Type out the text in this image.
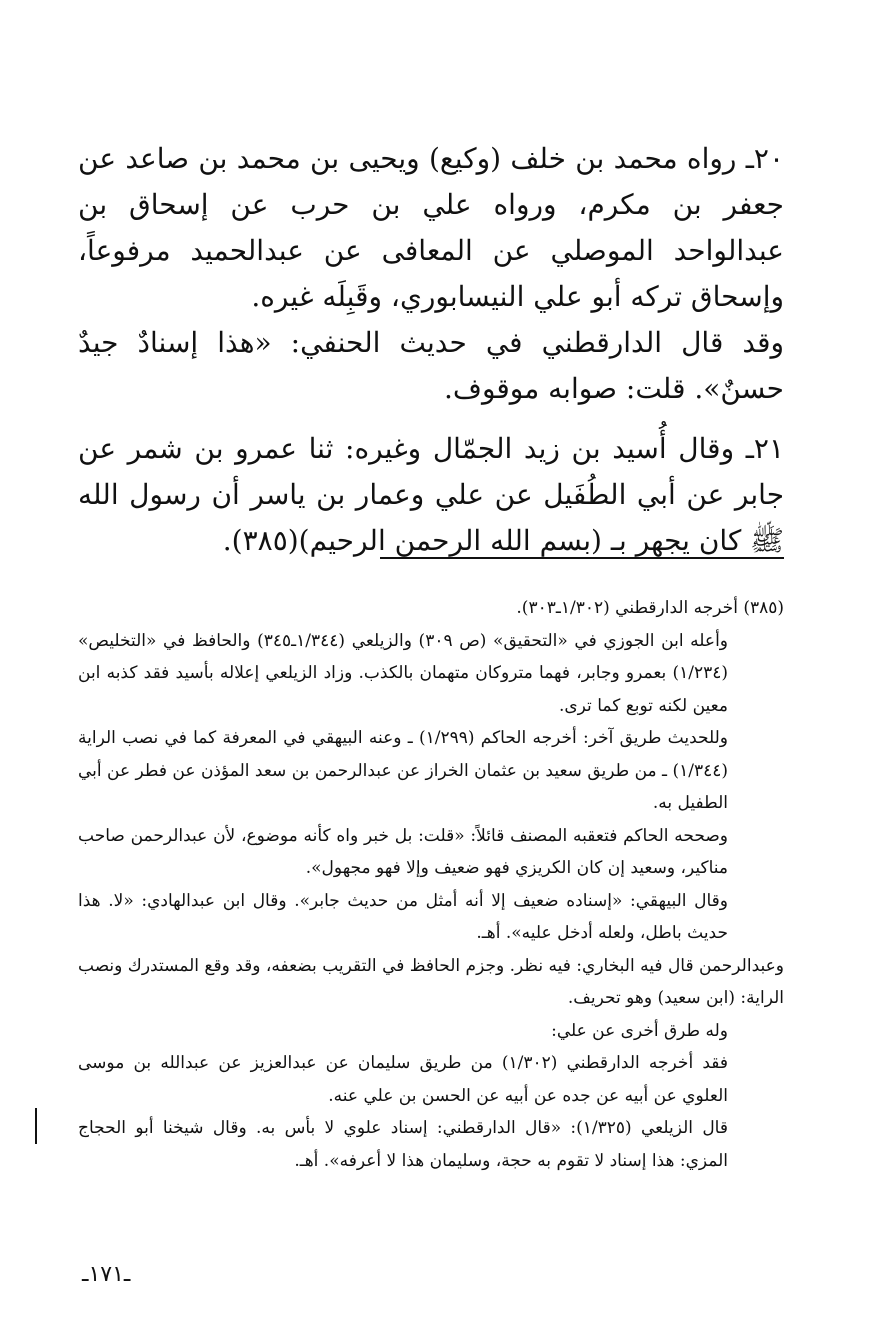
٢٠ـ رواه محمد بن خلف (وكيع) ويحيى بن محمد بن صاعد عن جعفر بن مكرم، ورواه علي بن حرب عن إسحاق بن عبدالواحد الموصلي عن المعافى عن عبدالحميد مرفوعاً، وإسحاق تركه أبو علي النيسابوري، وقَبِلَه غيره.

وقد قال الدارقطني في حديث الحنفي: «هذا إسنادٌ جيدٌ حسنٌ». قلت: صوابه موقوف.

٢١ـ وقال أُسيد بن زيد الجمّال وغيره: ثنا عمرو بن شمر عن جابر عن أبي الطُفَيل عن علي وعمار بن ياسر أن رسول الله ﷺ كان يجهر بـ (بسم الله الرحمن الرحيم)(٣٨٥).

(٣٨٥) أخرجه الدارقطني (١/٣٠٢ـ٣٠٣).

وأعله ابن الجوزي في «التحقيق» (ص ٣٠٩) والزيلعي (١/٣٤٤ـ٣٤٥) والحافظ في «التخليص» (١/٢٣٤) بعمرو وجابر، فهما متروكان متهمان بالكذب. وزاد الزيلعي إعلاله بأسيد فقد كذبه ابن معين لكنه توبع كما ترى.

وللحديث طريق آخر: أخرجه الحاكم (١/٢٩٩) ـ وعنه البيهقي في المعرفة كما في نصب الراية (١/٣٤٤) ـ من طريق سعيد بن عثمان الخراز عن عبدالرحمن بن سعد المؤذن عن فطر عن أبي الطفيل به.

وصححه الحاكم فتعقبه المصنف قائلاً: «قلت: بل خبر واه كأنه موضوع، لأن عبدالرحمن صاحب مناكير، وسعيد إن كان الكريزي فهو ضعيف وإلا فهو مجهول».

وقال البيهقي: «إسناده ضعيف إلا أنه أمثل من حديث جابر». وقال ابن عبدالهادي: «لا. هذا حديث باطل، ولعله أدخل عليه». أهـ.

وعبدالرحمن قال فيه البخاري: فيه نظر. وجزم الحافظ في التقريب بضعفه، وقد وقع المستدرك ونصب الراية: (ابن سعيد) وهو تحريف.

وله طرق أخرى عن علي:

فقد أخرجه الدارقطني (١/٣٠٢) من طريق سليمان عن عبدالعزيز عن عبدالله بن موسى العلوي عن أبيه عن جده عن أبيه عن الحسن بن علي عنه.

قال الزيلعي (١/٣٢٥): «قال الدارقطني: إسناد علوي لا بأس به. وقال شيخنا أبو الحجاج المزي: هذا إسناد لا تقوم به حجة، وسليمان هذا لا أعرفه». أهـ.

ـ١٧١ـ
